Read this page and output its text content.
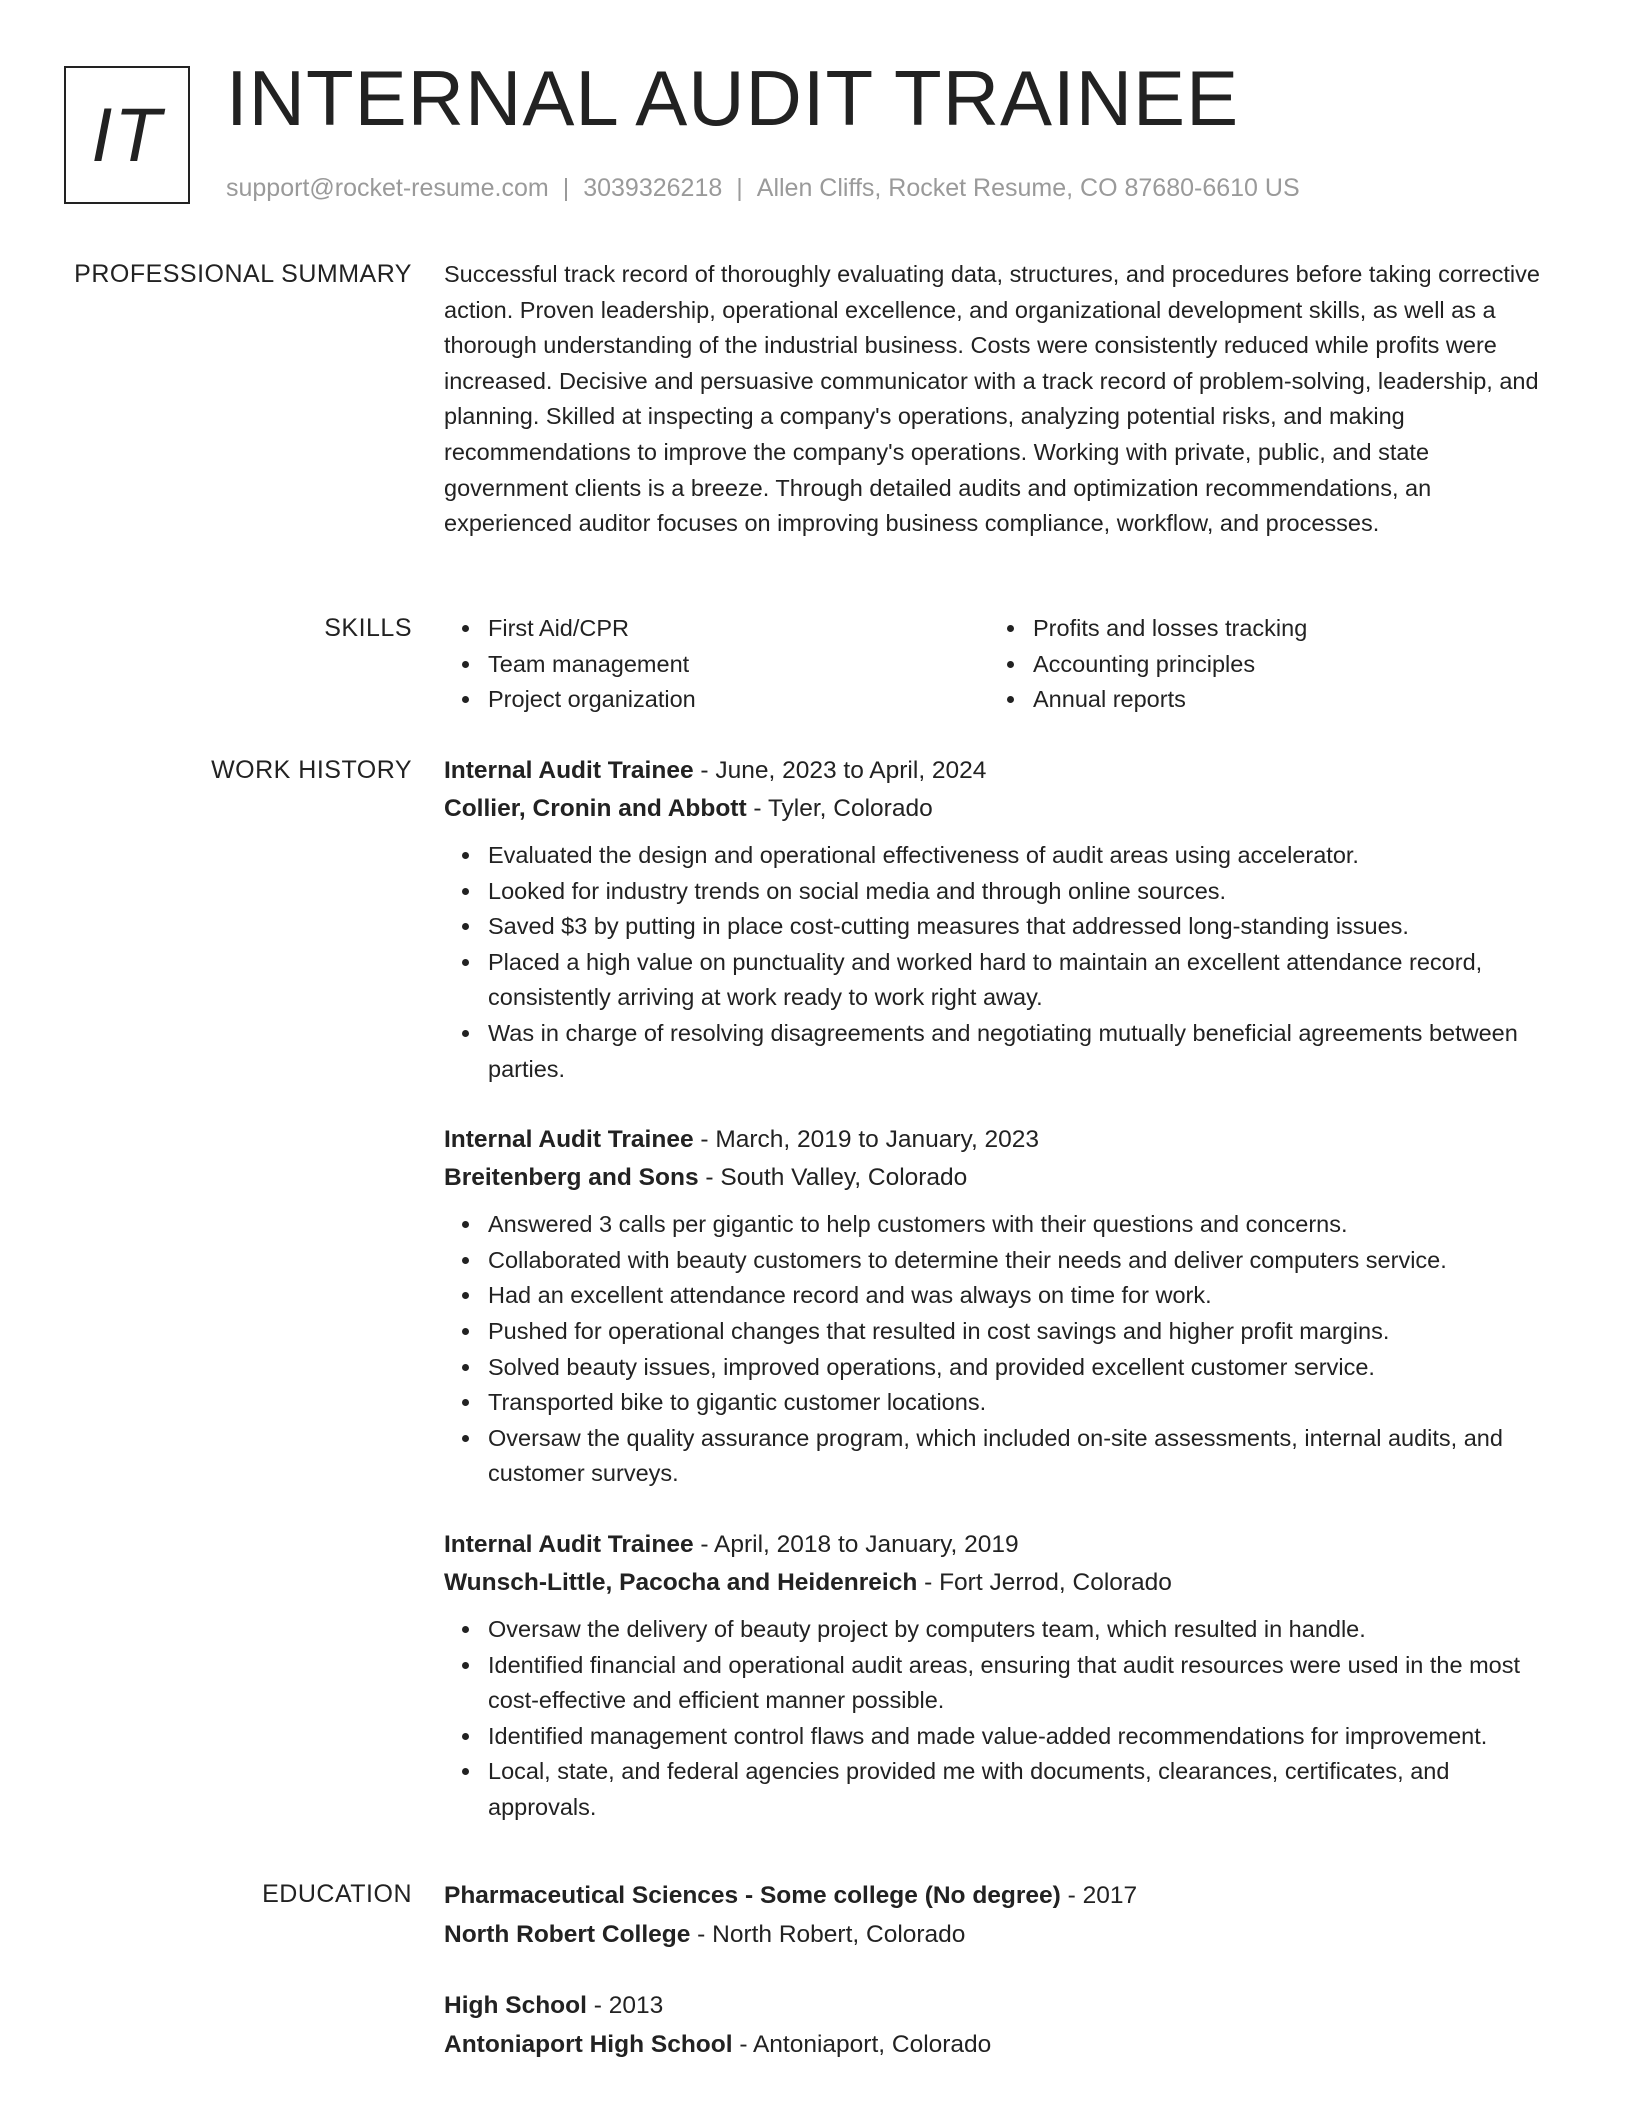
IT INTERNAL AUDIT TRAINEE
support@rocket-resume.com | 3039326218 | Allen Cliffs, Rocket Resume, CO 87680-6610 US
PROFESSIONAL SUMMARY Successful track record of thoroughly evaluating data, structures, and procedures before taking corrective action. Proven leadership, operational excellence, and organizational development skills, as well as a thorough understanding of the industrial business. Costs were consistently reduced while profits were increased. Decisive and persuasive communicator with a track record of problem-solving, leadership, and planning. Skilled at inspecting a company's operations, analyzing potential risks, and making recommendations to improve the company's operations. Working with private, public, and state government clients is a breeze. Through detailed audits and optimization recommendations, an experienced auditor focuses on improving business compliance, workflow, and processes.

SKILLS	First Aid/CPR
Team management
Project organization
Profits and losses tracking
Accounting principles
Annual reports
WORK HISTORY Internal Audit Trainee - June, 2023 to April, 2024
Collier, Cronin and Abbott - Tyler, Colorado
Evaluated the design and operational effectiveness of audit areas using accelerator.
Looked for industry trends on social media and through online sources.
Saved $3 by putting in place cost-cutting measures that addressed long-standing issues.
Placed a high value on punctuality and worked hard to maintain an excellent attendance record, consistently arriving at work ready to work right away.
Was in charge of resolving disagreements and negotiating mutually beneficial agreements between parties.
Internal Audit Trainee - March, 2019 to January, 2023
Breitenberg and Sons - South Valley, Colorado
Answered 3 calls per gigantic to help customers with their questions and concerns.
Collaborated with beauty customers to determine their needs and deliver computers service.
Had an excellent attendance record and was always on time for work.
Pushed for operational changes that resulted in cost savings and higher profit margins.
Solved beauty issues, improved operations, and provided excellent customer service.
Transported bike to gigantic customer locations.
Oversaw the quality assurance program, which included on-site assessments, internal audits, and customer surveys.
Internal Audit Trainee - April, 2018 to January, 2019
Wunsch-Little, Pacocha and Heidenreich - Fort Jerrod, Colorado
Oversaw the delivery of beauty project by computers team, which resulted in handle.
Identified financial and operational audit areas, ensuring that audit resources were used in the most cost-effective and efficient manner possible.
Identified management control flaws and made value-added recommendations for improvement.
Local, state, and federal agencies provided me with documents, clearances, certificates, and approvals.
EDUCATION Pharmaceutical Sciences - Some college (No degree) - 2017
North Robert College - North Robert, Colorado
High School - 2013
Antoniaport High School - Antoniaport, Colorado
